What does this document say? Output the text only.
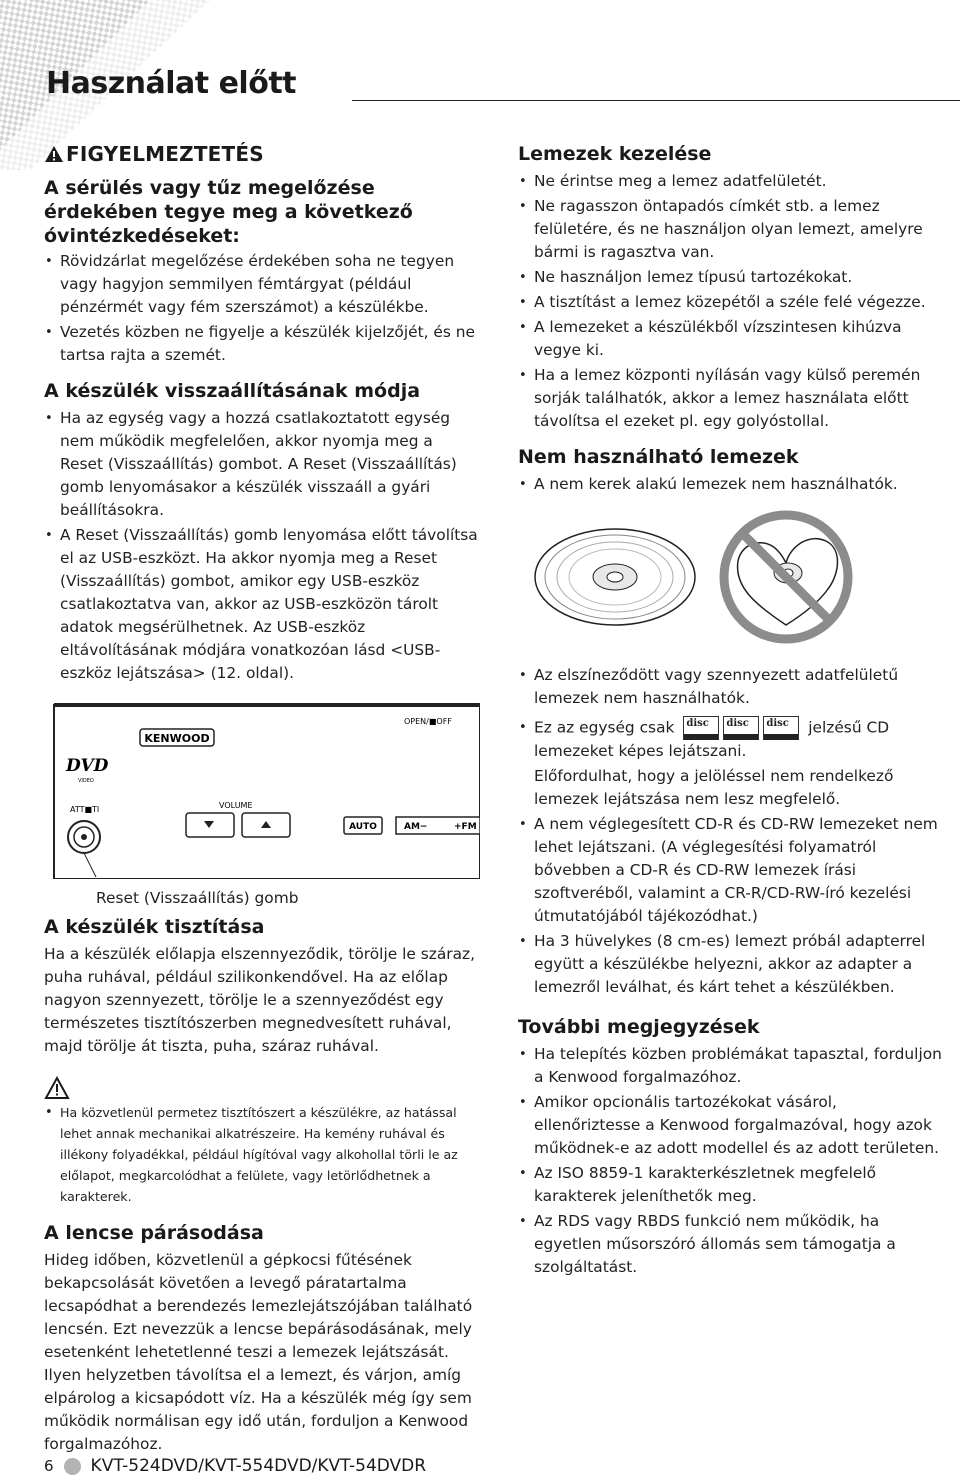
Használat előtt
FIGYELMEZTETÉS
A sérülés vagy tűz megelőzése érdekében tegye meg a következő óvintézkedéseket:
• Rövidzárlat megelőzése érdekében soha ne tegyen vagy hagyjon semmilyen fémtárgyat (például pénzérmét vagy fém szerszámot) a készülékbe.
• Vezetés közben ne figyelje a készülék kijelzőjét, és ne tartsa rajta a szemét.
A készülék visszaállításának módja
• Ha az egység vagy a hozzá csatlakoztatott egység nem működik megfelelően, akkor nyomja meg a Reset (Visszaállítás) gombot. A Reset (Visszaállítás) gomb lenyomásakor a készülék visszaáll a gyári beállításokra.
• A Reset (Visszaállítás) gomb lenyomása előtt távolítsa el az USB-eszközt. Ha akkor nyomja meg a Reset (Visszaállítás) gombot, amikor egy USB-eszköz csatlakoztatva van, akkor az USB-eszközön tárolt adatok megsérülhetnek. Az USB-eszköz eltávolításának módjára vonatkozóan lásd <USB-eszköz lejátszása> (12. oldal).
KENWOOD
OPEN/■OFF
DVD
VIDEO
VOLUME
ATT■TI
AUTO	AM−	+FM

Reset (Visszaállítás) gomb

A készülék tisztítása

Ha a készülék előlapja elszennyeződik, törölje le száraz, puha ruhával, például szilikonkendővel. Ha az előlap nagyon szennyezett, törölje le a szennyeződést egy természetes tisztítószerben megnedvesített ruhával, majd törölje át tiszta, puha, száraz ruhával.

• Ha közvetlenül permetez tisztítószert a készülékre, az hatással lehet annak mechanikai alkatrészeire. Ha kemény ruhával és illékony folyadékkal, például hígítóval vagy alkohollal törli le az előlapot, megkarcolódhat a felülete, vagy letörlődhetnek a karakterek.
A lencse párásodása

Hideg időben, közvetlenül a gépkocsi fűtésének bekapcsolását követően a levegő páratartalma lecsapódhat a berendezés lemezlejátszójában található lencsén. Ezt nevezzük a lencse bepárásodásának, mely esetenként lehetetlenné teszi a lemezek lejátszását. Ilyen helyzetben távolítsa el a lemezt, és várjon, amíg elpárolog a kicsapódott víz. Ha a készülék még így sem működik normálisan egy idő után, forduljon a Kenwood forgalmazóhoz.

Lemezek kezelése
• Ne érintse meg a lemez adatfelületét.
• Ne ragasszon öntapadós címkét stb. a lemez felületére, és ne használjon olyan lemezt, amelyre bármi is ragasztva van.
• Ne használjon lemez típusú tartozékokat.
• A tisztítást a lemez közepétől a széle felé végezze.
• A lemezeket a készülékből vízszintesen kihúzva vegye ki.
• Ha a lemez központi nyílásán vagy külső peremén sorják találhatók, akkor a lemez használata előtt távolítsa el ezeket pl. egy golyóstollal.
Nem használható lemezek
• A nem kerek alakú lemezek nem használhatók.
• Az elszíneződött vagy szennyezett adatfelületű lemezek nem használhatók.
• Ez az egység csak disc disc disc jelzésű CD lemezeket képes lejátszani.

Előfordulhat, hogy a jelöléssel nem rendelkező lemezek lejátszása nem lesz megfelelő.

• A nem véglegesített CD-R és CD-RW lemezeket nem lehet lejátszani. (A véglegesítési folyamatról bővebben a CD-R és CD-RW lemezek írási szoftveréből, valamint a CR-R/CD-RW-író kezelési útmutatójából tájékozódhat.)
• Ha 3 hüvelykes (8 cm-es) lemezt próbál adapterrel együtt a készülékbe helyezni, akkor az adapter a lemezről leválhat, és kárt tehet a készülékben.
További megjegyzések
• Ha telepítés közben problémákat tapasztal, forduljon a Kenwood forgalmazóhoz.
• Amikor opcionális tartozékokat vásárol, ellenőriztesse a Kenwood forgalmazóval, hogy azok működnek-e az adott modellel és az adott területen.
• Az ISO 8859-1 karakterkészletnek megfelelő karakterek jeleníthetők meg.
• Az RDS vagy RBDS funkció nem működik, ha egyetlen műsorszóró állomás sem támogatja a szolgáltatást.
6 KVT-524DVD/KVT-554DVD/KVT-54DVDR
